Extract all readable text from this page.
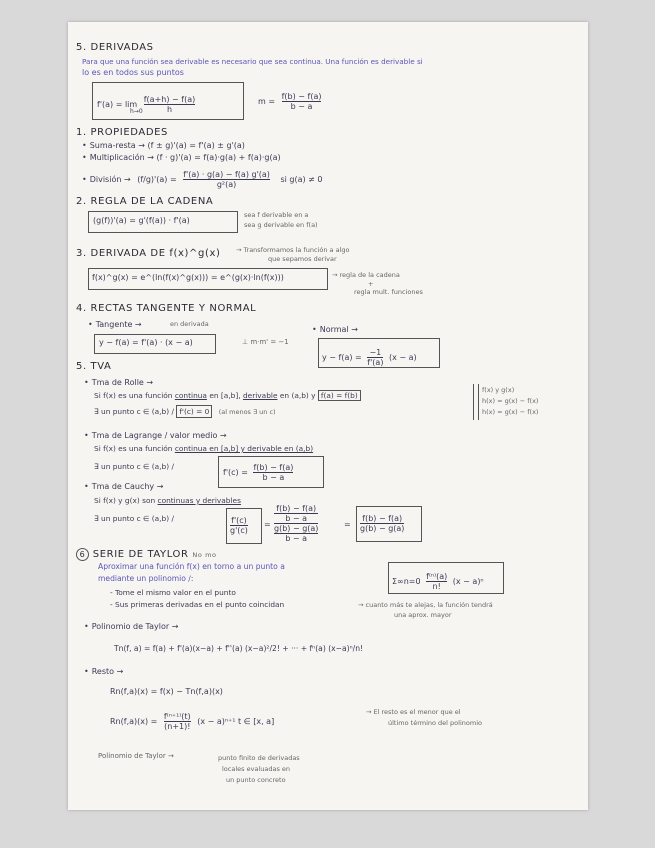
5. DERIVADAS
Para que una función sea derivable es necesario que sea continua. Una función es derivable si
lo es en todos sus puntos
$f'(a) = \lim \frac{f(a+h) - f(a)}{h}$
h→0
$m = \frac{f(b) - f(a)}{b - a}$
1. PROPIEDADES
• Suma-resta → (f ± g)'(a) = f'(a) ± g'(a)
• Multiplicación → (f · g)'(a) = f(a)·g(a) + f(a)·g(a)
• División → $(f/g)'(a) = \frac{f'(a) \cdot g(a) - f(a) g'(a)}{\text{g²(a)}}$ si g(a) ≠ 0
2. REGLA DE LA CADENA
(g(f))'(a) = g'(f(a)) · f'(a)
sea f derivable en a
sea g derivable en f(a)
3. DERIVADA DE f(x)^g(x) → Transformamos la función a algo
que sepamos derivar
f(x)^g(x) = e^(ln(f(x)^g(x))) = e^(g(x)·ln(f(x)))	→ regla de la cadena
+
regla mult. funciones
4. RECTAS TANGENTE Y NORMAL
• Tangente →	en derivada
y − f(a) = f'(a) · (x − a)	⊥ m·m' = −1
• Normal →
$y - f(a) = \frac{-1}{f'(a)} (x - a)$
5. TVA
• Tma de Rolle →
Si f(x) es una función continua en [a,b], derivable en (a,b) y f(a) = f(b)
∃ un punto c ∈ (a,b) ∕ f'(c) = 0 (al menos ∃ un c)
f(x) y g(x)
h(x) = g(x) − f(x)
h(x) = g(x) − f(x)
• Tma de Lagrange / valor medio →
Si f(x) es una función continua en [a,b] y derivable en (a,b)
∃ un punto c ∈ (a,b) ∕
$f'(c) = \frac{f(b) - f(a)}{b - a}$
• Tma de Cauchy →
Si f(x) y g(x) son continuas y derivables
∃ un punto c ∈ (a,b) ∕	$\frac{f'(c)}{g'(c)}$ =
f(b) − f(a)
b − a
g(b) − g(a)
b − a
= $\frac{f(b) - f(a)}{g(b) - g(a)}$
6 SERIE DE TAYLOR No mo
Aproximar una función f(x) en torno a un punto a
mediante un polinomio ∕:
- Tome el mismo valor en el punto
- Sus primeras derivadas en el punto coincidan
$\Sigma\infty n=0 \frac{\text{f⁽ⁿ⁾(a)}}{n!} (x - a)^n$
→ cuanto más te alejas, la función tendrá
una aprox. mayor
• Polinomio de Taylor →
Tn(f, a) = f(a) + f'(a)(x−a) + f''(a) (x−a)²/2! + ··· + fⁿ(a) (x−a)ⁿ/n!
• Resto →
Rn(f,a)(x) = f(x) − Tn(f,a)(x)
$Rn(f,a)(x) = \frac{\text{f⁽ⁿ⁺¹⁾(t)}}{(n+1)!} (x - a)^{n+1}$ t ∈ [x, a]
→ El resto es el menor que el
último término del polinomio
Polinomio de Taylor →	punto finito de derivadas
locales evaluadas en
un punto concreto
